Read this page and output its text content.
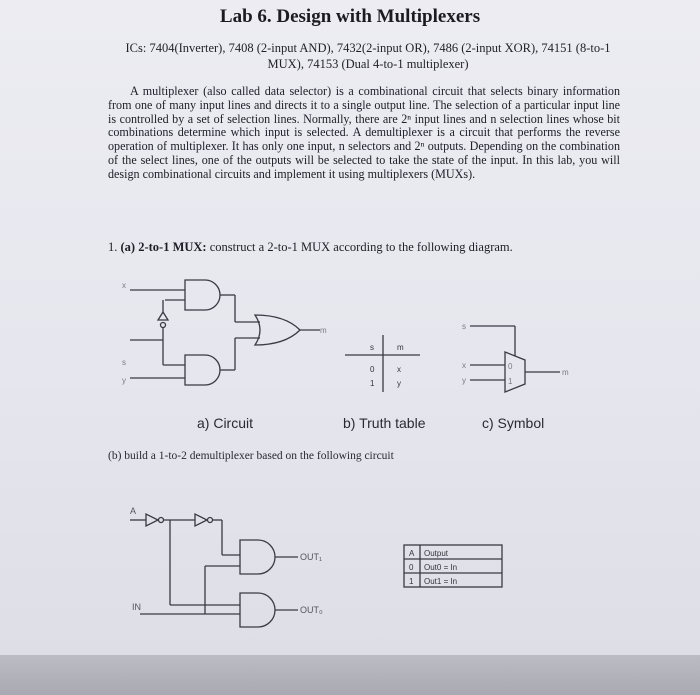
Lab 6. Design with Multiplexers
ICs: 7404(Inverter), 7408 (2-input AND), 7432(2-input OR), 7486 (2-input XOR), 74151 (8-to-1
MUX), 74153 (Dual 4-to-1 multiplexer)

A multiplexer (also called data selector) is a combinational circuit that selects binary information from one of many input lines and directs it to a single output line. The selection of a particular input line is controlled by a set of selection lines. Normally, there are 2ⁿ input lines and n selection lines whose bit combinations determine which input is selected. A demultiplexer is a circuit that performs the reverse operation of multiplexer. It has only one input, n selectors and 2ⁿ outputs. Depending on the combination of the select lines, one of the outputs will be selected to take the state of the input. In this lab, you will design combinational circuits and implement it using multiplexers (MUXs).

1. (a) 2-to-1 MUX: construct a 2-to-1 MUX according to the following diagram.
x
s
y
m
s	m
0	x
1	y
s
x
y
0
1
m
A
IN
OUT₁
OUT₀
A Output
0 Out0 = In
1 Out1 = In
a) Circuit	b) Truth table	c) Symbol
(b) build a 1-to-2 demultiplexer based on the following circuit
